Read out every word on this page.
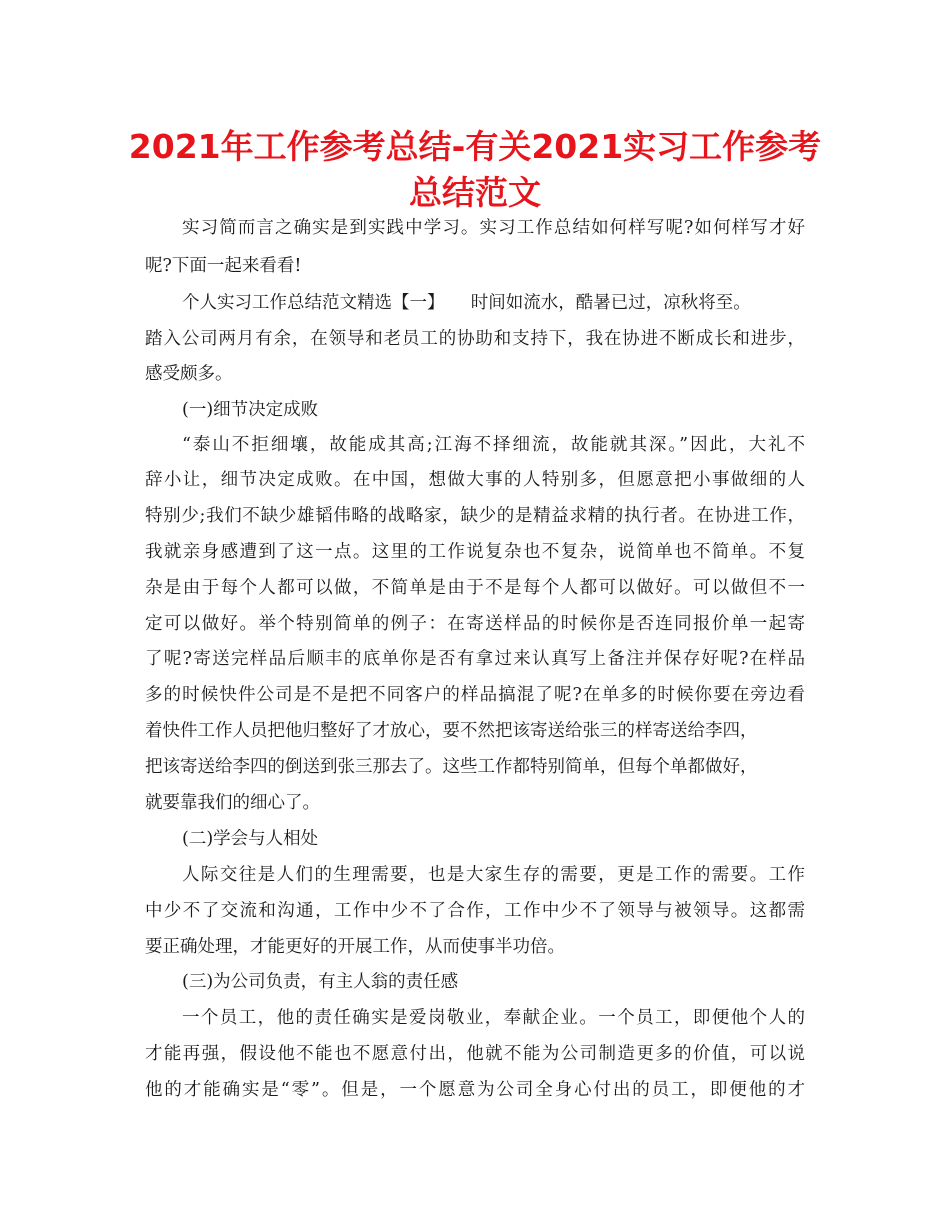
2021年工作参考总结-有关2021实习工作参考
总结范文
实习简而言之确实是到实践中学习。实习工作总结如何样写呢?如何样写才好
呢?下面一起来看看!
个人实习工作总结范文精选【一】　　时间如流水，酷暑已过，凉秋将至。
踏入公司两月有余，在领导和老员工的协助和支持下，我在协进不断成长和进步，
感受颇多。
(一)细节决定成败
“泰山不拒细壤，故能成其高;江海不择细流，故能就其深。”因此，大礼不
辞小让，细节决定成败。在中国，想做大事的人特别多，但愿意把小事做细的人
特别少;我们不缺少雄韬伟略的战略家，缺少的是精益求精的执行者。在协进工作，
我就亲身感遭到了这一点。这里的工作说复杂也不复杂，说简单也不简单。不复
杂是由于每个人都可以做，不简单是由于不是每个人都可以做好。可以做但不一
定可以做好。举个特别简单的例子：在寄送样品的时候你是否连同报价单一起寄
了呢?寄送完样品后顺丰的底单你是否有拿过来认真写上备注并保存好呢?在样品
多的时候快件公司是不是把不同客户的样品搞混了呢?在单多的时候你要在旁边看
着快件工作人员把他归整好了才放心，要不然把该寄送给张三的样寄送给李四，
把该寄送给李四的倒送到张三那去了。这些工作都特别简单，但每个单都做好，
就要靠我们的细心了。
(二)学会与人相处
人际交往是人们的生理需要，也是大家生存的需要，更是工作的需要。工作
中少不了交流和沟通，工作中少不了合作，工作中少不了领导与被领导。这都需
要正确处理，才能更好的开展工作，从而使事半功倍。
(三)为公司负责，有主人翁的责任感
一个员工，他的责任确实是爱岗敬业，奉献企业。一个员工，即便他个人的
才能再强，假设他不能也不愿意付出，他就不能为公司制造更多的价值，可以说
他的才能确实是“零”。但是，一个愿意为公司全身心付出的员工，即便他的才
